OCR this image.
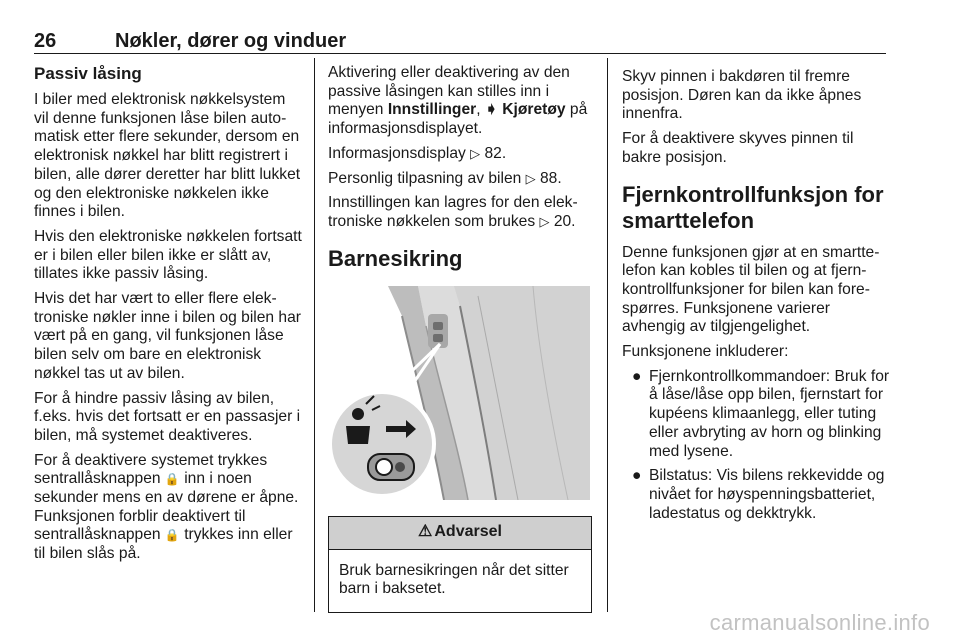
26	Nøkler, dører og vinduer
Passiv låsing

I biler med elektronisk nøkkelsystem vil denne funksjonen låse bilen automatisk etter flere sekunder, dersom en elektronisk nøkkel har blitt registrert i bilen, alle dører deretter har blitt lukket og den elektroniske nøkkelen ikke finnes i bilen.

Hvis den elektroniske nøkkelen fortsatt er i bilen eller bilen ikke er slått av, tillates ikke passiv låsing.

Hvis det har vært to eller flere elektroniske nøkler inne i bilen og bilen har vært på en gang, vil funksjonen låse bilen selv om bare en elektronisk nøkkel tas ut av bilen.

For å hindre passiv låsing av bilen, f.eks. hvis det fortsatt er en passasjer i bilen, må systemet deaktiveres.

For å deaktivere systemet trykkes sentrallåsknappen 🔒 inn i noen sekunder mens en av dørene er åpne. Funksjonen forblir deaktivert til sentrallåsknappen 🔒 trykkes inn eller til bilen slås på.

Aktivering eller deaktivering av den passive låsingen kan stilles inn i menyen Innstillinger, ➧ Kjøretøy på informasjonsdisplayet.

Informasjonsdisplay ▷ 82.

Personlig tilpasning av bilen ▷ 88.

Innstillingen kan lagres for den elektroniske nøkkelen som brukes ▷ 20.

Barnesikring
⚠ Advarsel
Bruk barnesikringen når det sitter barn i baksetet.

Skyv pinnen i bakdøren til fremre posisjon. Døren kan da ikke åpnes innenfra.

For å deaktivere skyves pinnen til bakre posisjon.

Fjernkontrollfunksjon for smarttelefon

Denne funksjonen gjør at en smarttelefon kan kobles til bilen og at fjernkontrollfunksjoner for bilen kan forespørres. Funksjonene varierer avhengig av tilgjengelighet.

Funksjonene inkluderer:

● Fjernkontrollkommandoer: Bruk for å låse/låse opp bilen, fjernstart for kupéens klimaanlegg, eller tuting eller avbryting av horn og blinking med lysene.
● Bilstatus: Vis bilens rekkevidde og nivået for høyspenningsbatteriet, ladestatus og dekktrykk.
carmanualsonline.info
